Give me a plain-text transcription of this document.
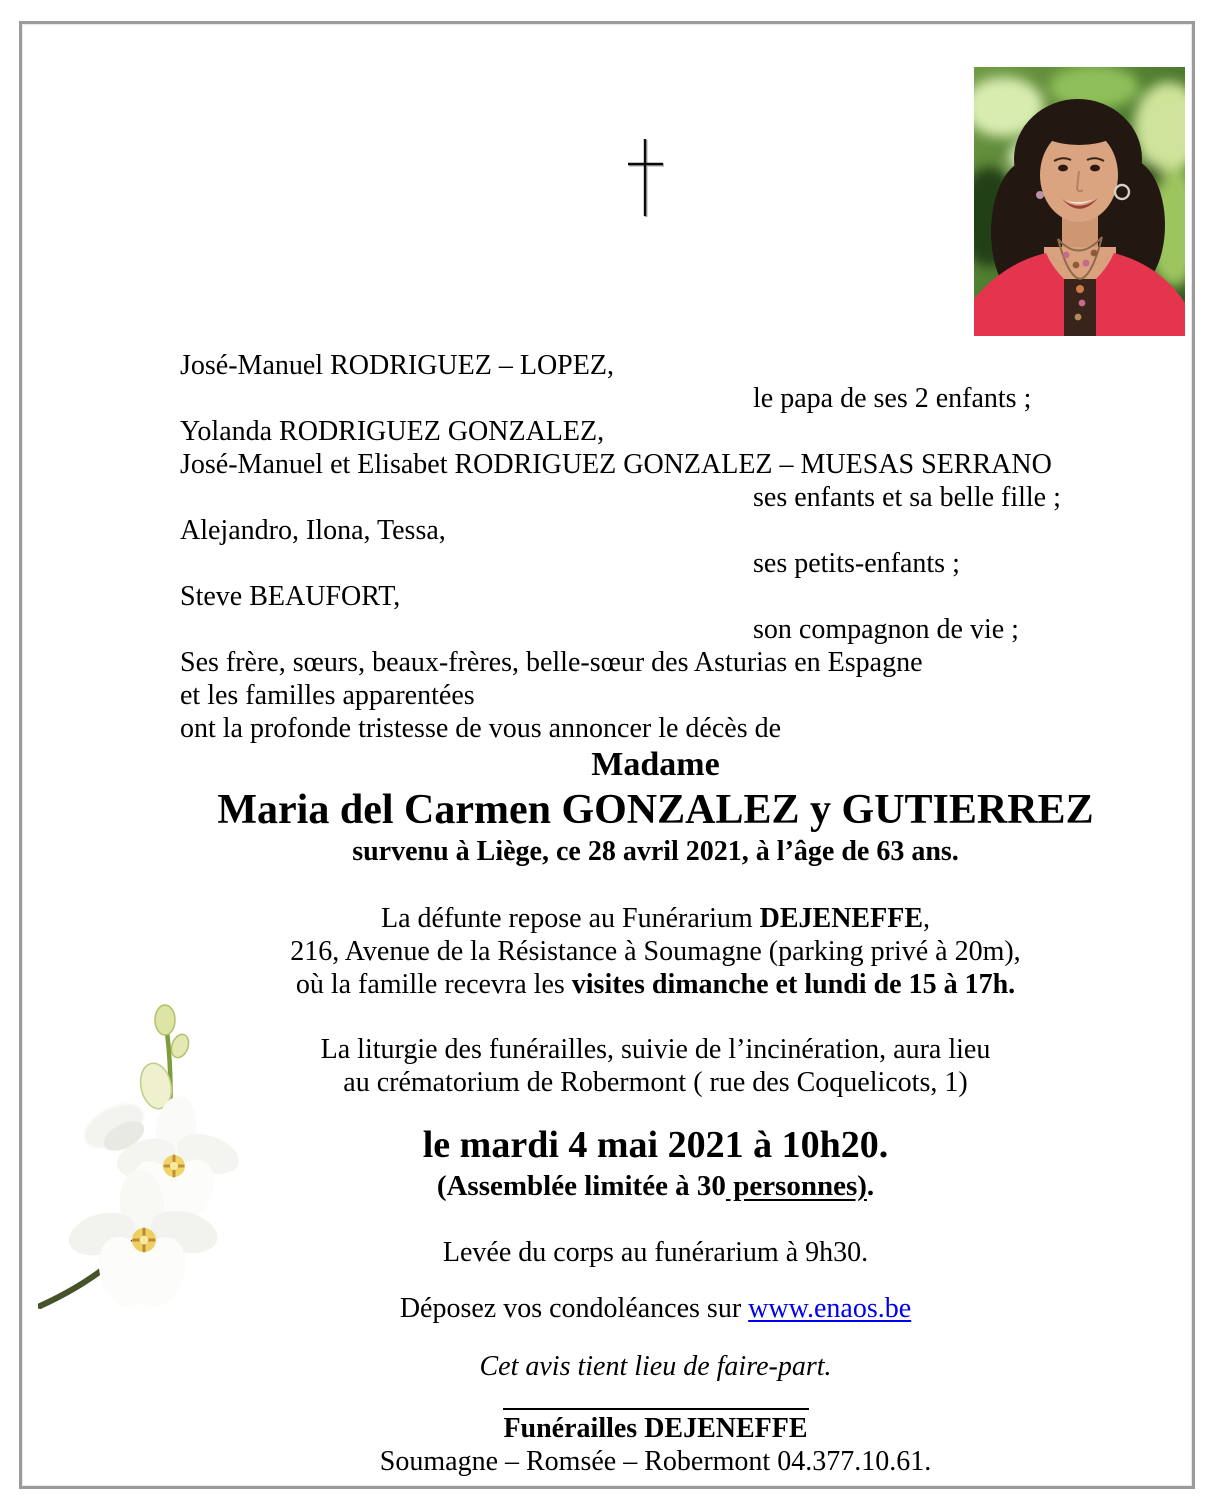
José-Manuel RODRIGUEZ – LOPEZ,
le papa de ses 2 enfants ;
Yolanda RODRIGUEZ GONZALEZ,
José-Manuel et Elisabet RODRIGUEZ GONZALEZ – MUESAS SERRANO
ses enfants et sa belle fille ;
Alejandro, Ilona, Tessa,
ses petits-enfants ;
Steve BEAUFORT,
son compagnon de vie ;
Ses frère, sœurs, beaux-frères, belle-sœur des Asturias en Espagne
et les familles apparentées
ont la profonde tristesse de vous annoncer le décès de
Madame
Maria del Carmen GONZALEZ y GUTIERREZ
survenu à Liège, ce 28 avril 2021, à l’âge de 63 ans.
La défunte repose au Funérarium DEJENEFFE,
216, Avenue de la Résistance à Soumagne (parking privé à 20m),
où la famille recevra les visites dimanche et lundi de 15 à 17h.
La liturgie des funérailles, suivie de l’incinération, aura lieu
au crématorium de Robermont ( rue des Coquelicots, 1)
le mardi 4 mai 2021 à 10h20.
(Assemblée limitée à 30 personnes).
Levée du corps au funérarium à 9h30.
Déposez vos condoléances sur www.enaos.be
Cet avis tient lieu de faire-part.
Funérailles DEJENEFFE
Soumagne – Romsée – Robermont 04.377.10.61.
